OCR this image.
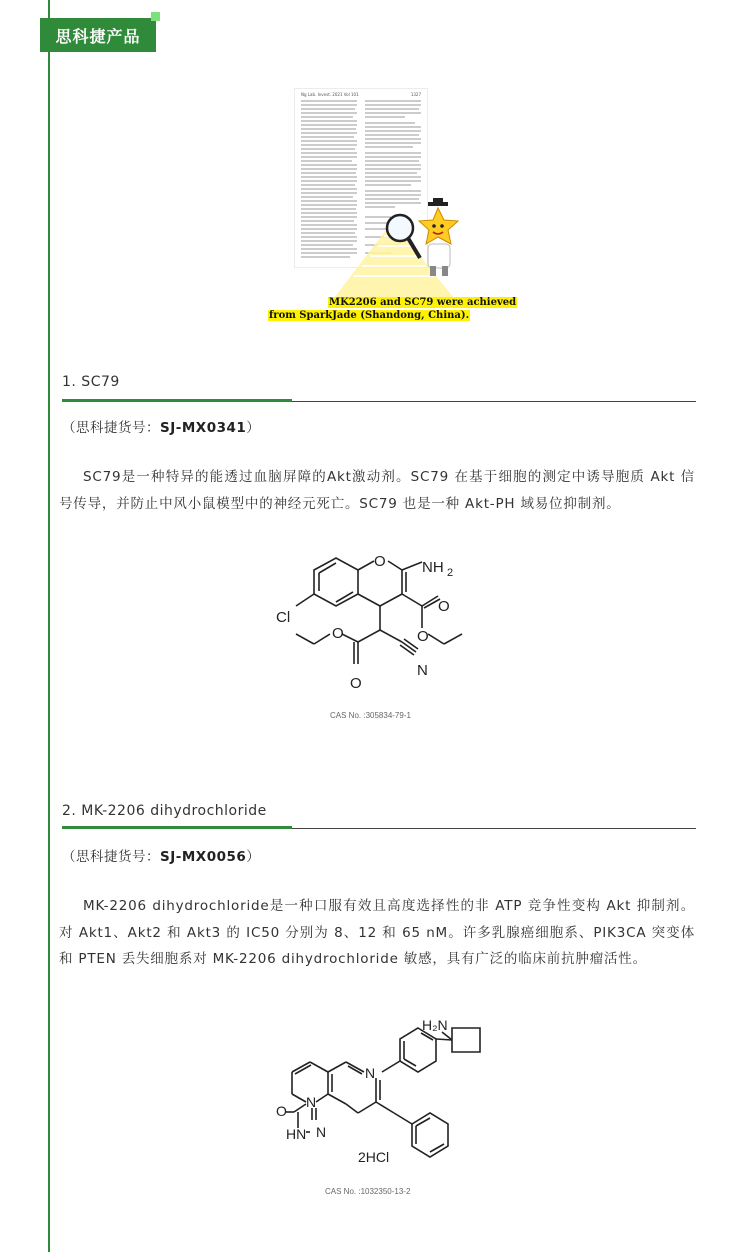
思科捷产品
Ng Lab. Invest. 2021 Vol 101	1327
MK2206 and SC79 were achieved
from SparkJade (Shandong, China).
1. SC79
（思科捷货号：SJ-MX0341）
SC79是一种特异的能透过血脑屏障的Akt激动剂。SC79 在基于细胞的测定中诱导胞质 Akt 信号传导，并防止中风小鼠模型中的神经元死亡。SC79 也是一种 Akt-PH 域易位抑制剂。
O NH 2
Cl
O
O
N
O
O
CAS No. :305834-79-1
2. MK-2206 dihydrochloride
（思科捷货号：SJ-MX0056）
MK-2206 dihydrochloride是一种口服有效且高度选择性的非 ATP 竞争性变构 Akt 抑制剂。对 Akt1、Akt2 和 Akt3 的 IC50 分别为 8、12 和 65 nM。许多乳腺癌细胞系、PIK3CA 突变体和 PTEN 丢失细胞系对 MK-2206 dihydrochloride 敏感，具有广泛的临床前抗肿瘤活性。
H₂N
N
N
O
HN N
2HCl
CAS No. :1032350-13-2
